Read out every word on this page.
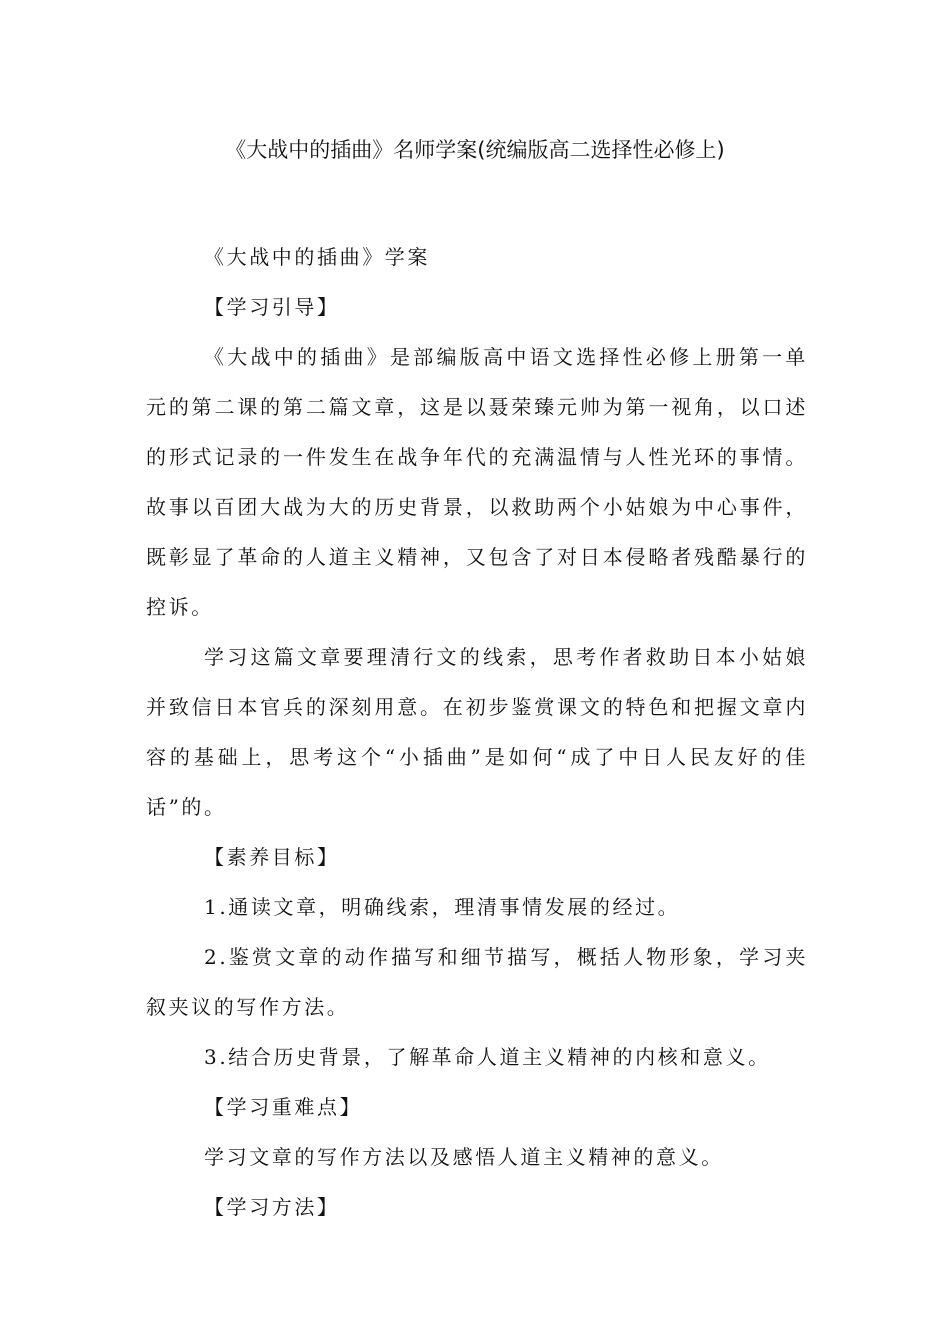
《大战中的插曲》名师学案(统编版高二选择性必修上)

《大战中的插曲》学案

【学习引导】

《大战中的插曲》是部编版高中语文选择性必修上册第一单元的第二课的第二篇文章，这是以聂荣臻元帅为第一视角，以口述的形式记录的一件发生在战争年代的充满温情与人性光环的事情。故事以百团大战为大的历史背景，以救助两个小姑娘为中心事件，既彰显了革命的人道主义精神，又包含了对日本侵略者残酷暴行的控诉。

学习这篇文章要理清行文的线索，思考作者救助日本小姑娘并致信日本官兵的深刻用意。在初步鉴赏课文的特色和把握文章内容的基础上，思考这个“小插曲”是如何“成了中日人民友好的佳话”的。

【素养目标】

1.通读文章，明确线索，理清事情发展的经过。

2.鉴赏文章的动作描写和细节描写，概括人物形象，学习夹叙夹议的写作方法。

3.结合历史背景，了解革命人道主义精神的内核和意义。

【学习重难点】

学习文章的写作方法以及感悟人道主义精神的意义。

【学习方法】
